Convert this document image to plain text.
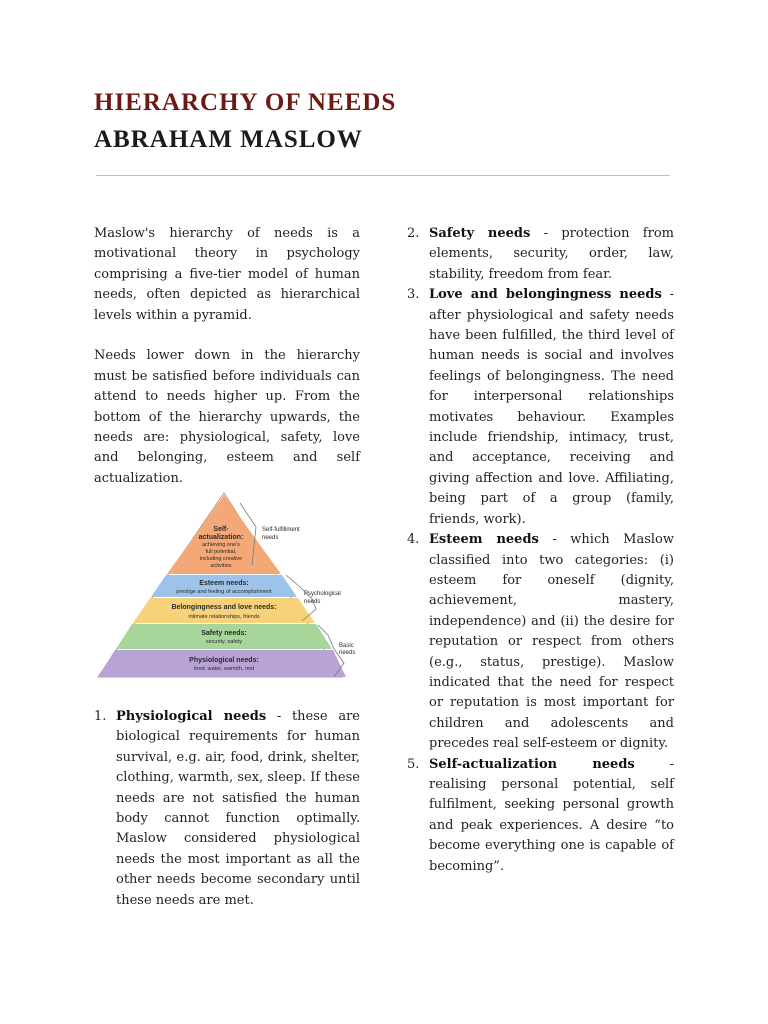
HIERARCHY OF NEEDS
ABRAHAM MASLOW

Maslow's hierarchy of needs is a motivational theory in psychology comprising a five-tier model of human needs, often depicted as hierarchical levels within a pyramid.

Needs lower down in the hierarchy must be satisfied before individuals can attend to needs higher up. From the bottom of the hierarchy upwards, the needs are: physiological, safety, love and belonging, esteem and self actualization.

Self-
actualization:
achieving one's
full potential,
including creative
activities
Esteem needs:
prestige and feeling of accomplishment
Belongingness and love needs:
intimate relationships, friends
Safety needs:
security, safety
Physiological needs:
food, water, warmth, rest
Self-fulfillment
needs
Psychological
needs
Basic
needs
1. Physiological needs - these are biological requirements for human survival, e.g. air, food, drink, shelter, clothing, warmth, sex, sleep. If these needs are not satisfied the human body cannot function optimally. Maslow considered physiological needs the most important as all the other needs become secondary until these needs are met.
2. Safety needs - protection from elements, security, order, law, stability, freedom from fear.
3. Love and belongingness needs - after physiological and safety needs have been fulfilled, the third level of human needs is social and involves feelings of belongingness. The need for interpersonal relationships motivates behaviour. Examples include friendship, intimacy, trust, and acceptance, receiving and giving affection and love. Affiliating, being part of a group (family, friends, work).
4. Esteem needs - which Maslow classified into two categories: (i) esteem for oneself (dignity, achievement, mastery, independence) and (ii) the desire for reputation or respect from others (e.g., status, prestige). Maslow indicated that the need for respect or reputation is most important for children and adolescents and precedes real self-esteem or dignity.
5. Self-actualization needs - realising personal potential, self fulfilment, seeking personal growth and peak experiences. A desire “to become everything one is capable of becoming”.
